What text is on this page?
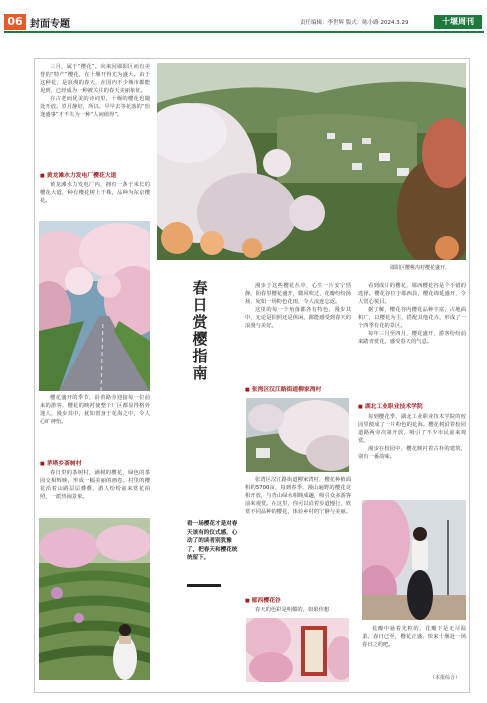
06 封面专题	责任编辑：李世辉 版式：陈小路 2024.3.29	十堰周刊

三月，属于“樱花”。向来因郧阳区而有美誉的“特产”樱花，在十堰开得尤为盛大。由于这种花，是浪漫的春天，在国内不少城市都能见到，已经成为一种被关注的春天美丽象征。

在古老而优美的诗词里，十堰的樱花也随处开放。岁月静好，所以，早早去等花落的“恰逢盛事”才不失为一种“人间值得”。

■ 黄龙滩水力发电厂樱花大道

黄龙滩水力发电厂内，拥有一条千米长的樱花大道，种有樱花树上千株，品种为东京樱花。

樱花盛开的季节，沿着路旁迎接每一位前来的游客，樱花的映衬使整个厂区都显得格外迷人，漫步其中，犹如置身于花海之中，令人心旷神怡。

■ 茅塔乡茶树村

春日里的茶树村，满树的樱花，绿色的茶园交相辉映，形成一幅美丽的画卷。村里的樱花沿着山路层层叠叠，游人纷纷前来赏花拍照，一派热闹景象。

郧阳区樱桃沟村樱花盛开。
春
日
赏
樱
指
南
看一场樱花才是对春天该有的仪式感，心动了的读者别犹豫了，把春天和樱花统统留下。

漫步于这些樱花丛中，心生一片安宁恬静。阳春里樱花盛开，微风吹过，花瓣纷纷扬扬，宛如一场粉色花雨，令人流连忘返。

这里的每一个角落都各有特色，漫步其中，无论是拍照还是休闲，都能感受到春天的浪漫与美好。

■ 张湾区汉江路街道柳家湾村

张湾区汉江路街道柳家湾村，樱花种植面积约5700亩，每到春季，漫山遍野的樱花竞相开放，与青山绿水相映成趣，吸引众多游客前来观赏。在这里，你可以沿着步道慢行，欣赏不同品种的樱花，体验乡村的宁静与美丽。

■ 郧西樱花谷

春天的色彩是明媚的，如果你想

看到成片的樱花，郧西樱花谷是个不错的选择。樱花谷位于郧西县，樱花绵延盛开，令人赏心悦目。

据了解，樱花谷内樱花品种丰富，占地面积广，以樱花为主，搭配其他花卉，形成了一个四季有花的景区。

每年三月至四月，樱花盛开，游客纷纷前来踏青赏花，感受春天的气息。

■ 湖北工业职业技术学院

每到樱花季，湖北工业职业技术学院的校园里便成了一片粉色的花海。樱花树沿着校园道路两旁次第开放，吸引了不少市民前来观赏。

漫步在校园中，樱花映衬着古朴的建筑，别有一番韵味。

花瓣中悬着光粒的，花瓣下是无尽温柔。春日已至，樱花正盛，快来十堰赴一场春日之约吧。

（本报综合）
